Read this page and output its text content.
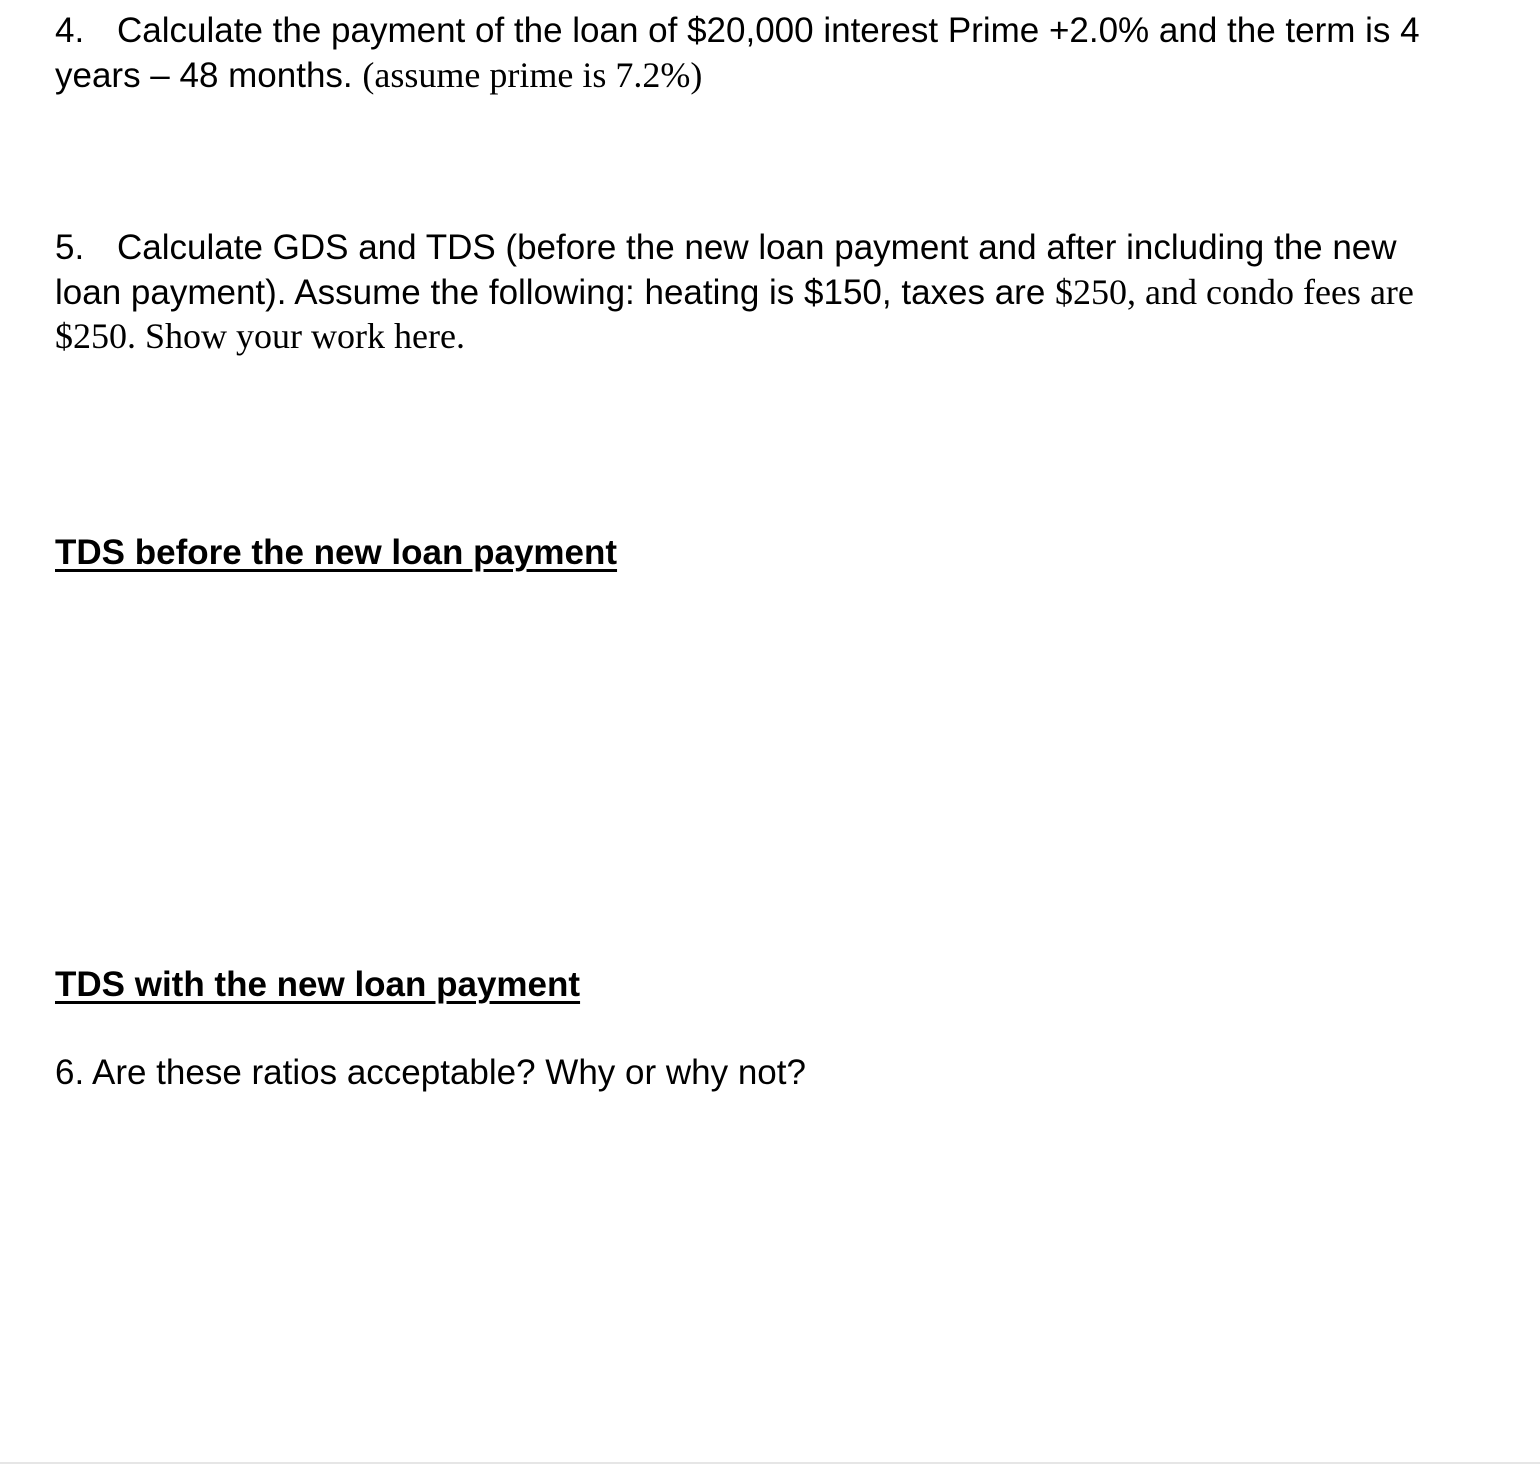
4. Calculate the payment of the loan of $20,000 interest Prime +2.0% and the term is 4
years – 48 months. (assume prime is 7.2%)
5. Calculate GDS and TDS (before the new loan payment and after including the new
loan payment). Assume the following: heating is $150, taxes are $250, and condo fees are
$250. Show your work here.
TDS before the new loan payment
TDS with the new loan payment
6. Are these ratios acceptable? Why or why not?
